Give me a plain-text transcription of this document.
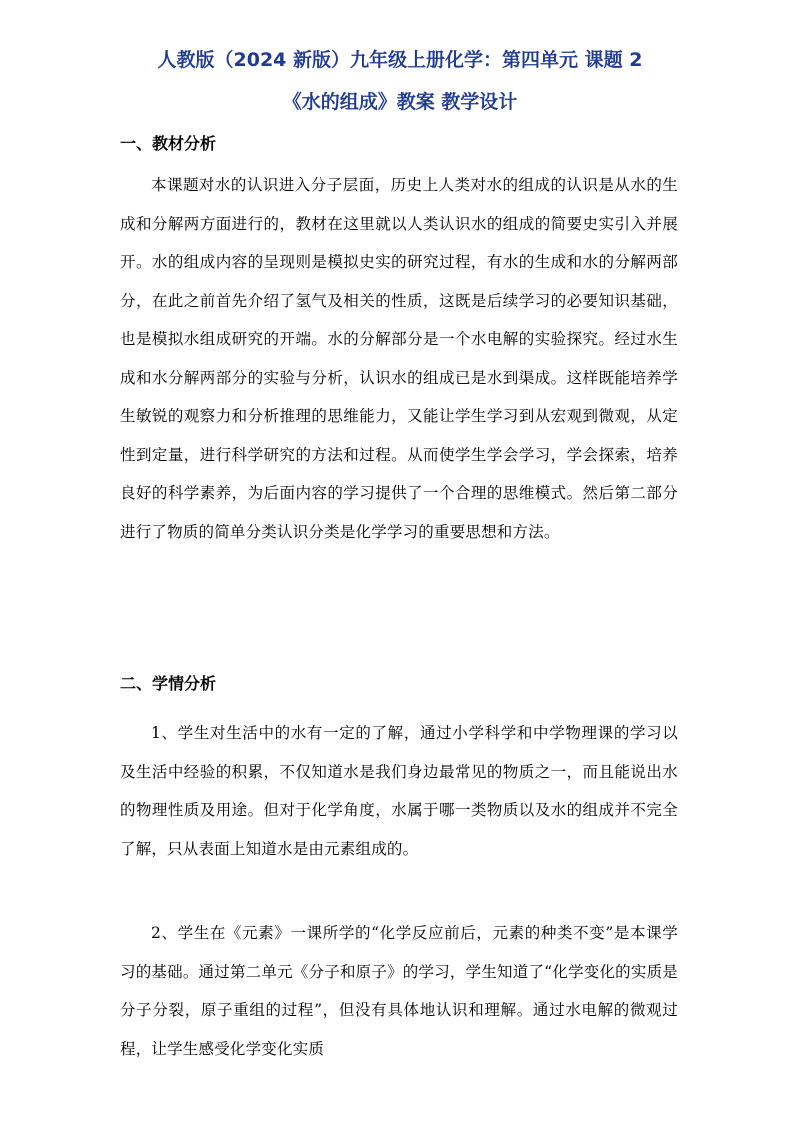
人教版（2024 新版）九年级上册化学：第四单元 课题 2
《水的组成》教案 教学设计
一、教材分析
本课题对水的认识进入分子层面，历史上人类对水的组成的认识是从水的生成和分解两方面进行的，教材在这里就以人类认识水的组成的简要史实引入并展开。水的组成内容的呈现则是模拟史实的研究过程，有水的生成和水的分解两部分，在此之前首先介绍了氢气及相关的性质，这既是后续学习的必要知识基础，也是模拟水组成研究的开端。水的分解部分是一个水电解的实验探究。经过水生成和水分解两部分的实验与分析，认识水的组成已是水到渠成。这样既能培养学生敏锐的观察力和分析推理的思维能力，又能让学生学习到从宏观到微观，从定性到定量，进行科学研究的方法和过程。从而使学生学会学习，学会探索，培养良好的科学素养，为后面内容的学习提供了一个合理的思维模式。然后第二部分进行了物质的简单分类认识分类是化学学习的重要思想和方法。
二、学情分析
1、学生对生活中的水有一定的了解，通过小学科学和中学物理课的学习以及生活中经验的积累，不仅知道水是我们身边最常见的物质之一，而且能说出水的物理性质及用途。但对于化学角度，水属于哪一类物质以及水的组成并不完全了解，只从表面上知道水是由元素组成的。
2、学生在《元素》一课所学的“化学反应前后，元素的种类不变”是本课学习的基础。通过第二单元《分子和原子》的学习，学生知道了“化学变化的实质是分子分裂，原子重组的过程”，但没有具体地认识和理解。通过水电解的微观过程，让学生感受化学变化实质
